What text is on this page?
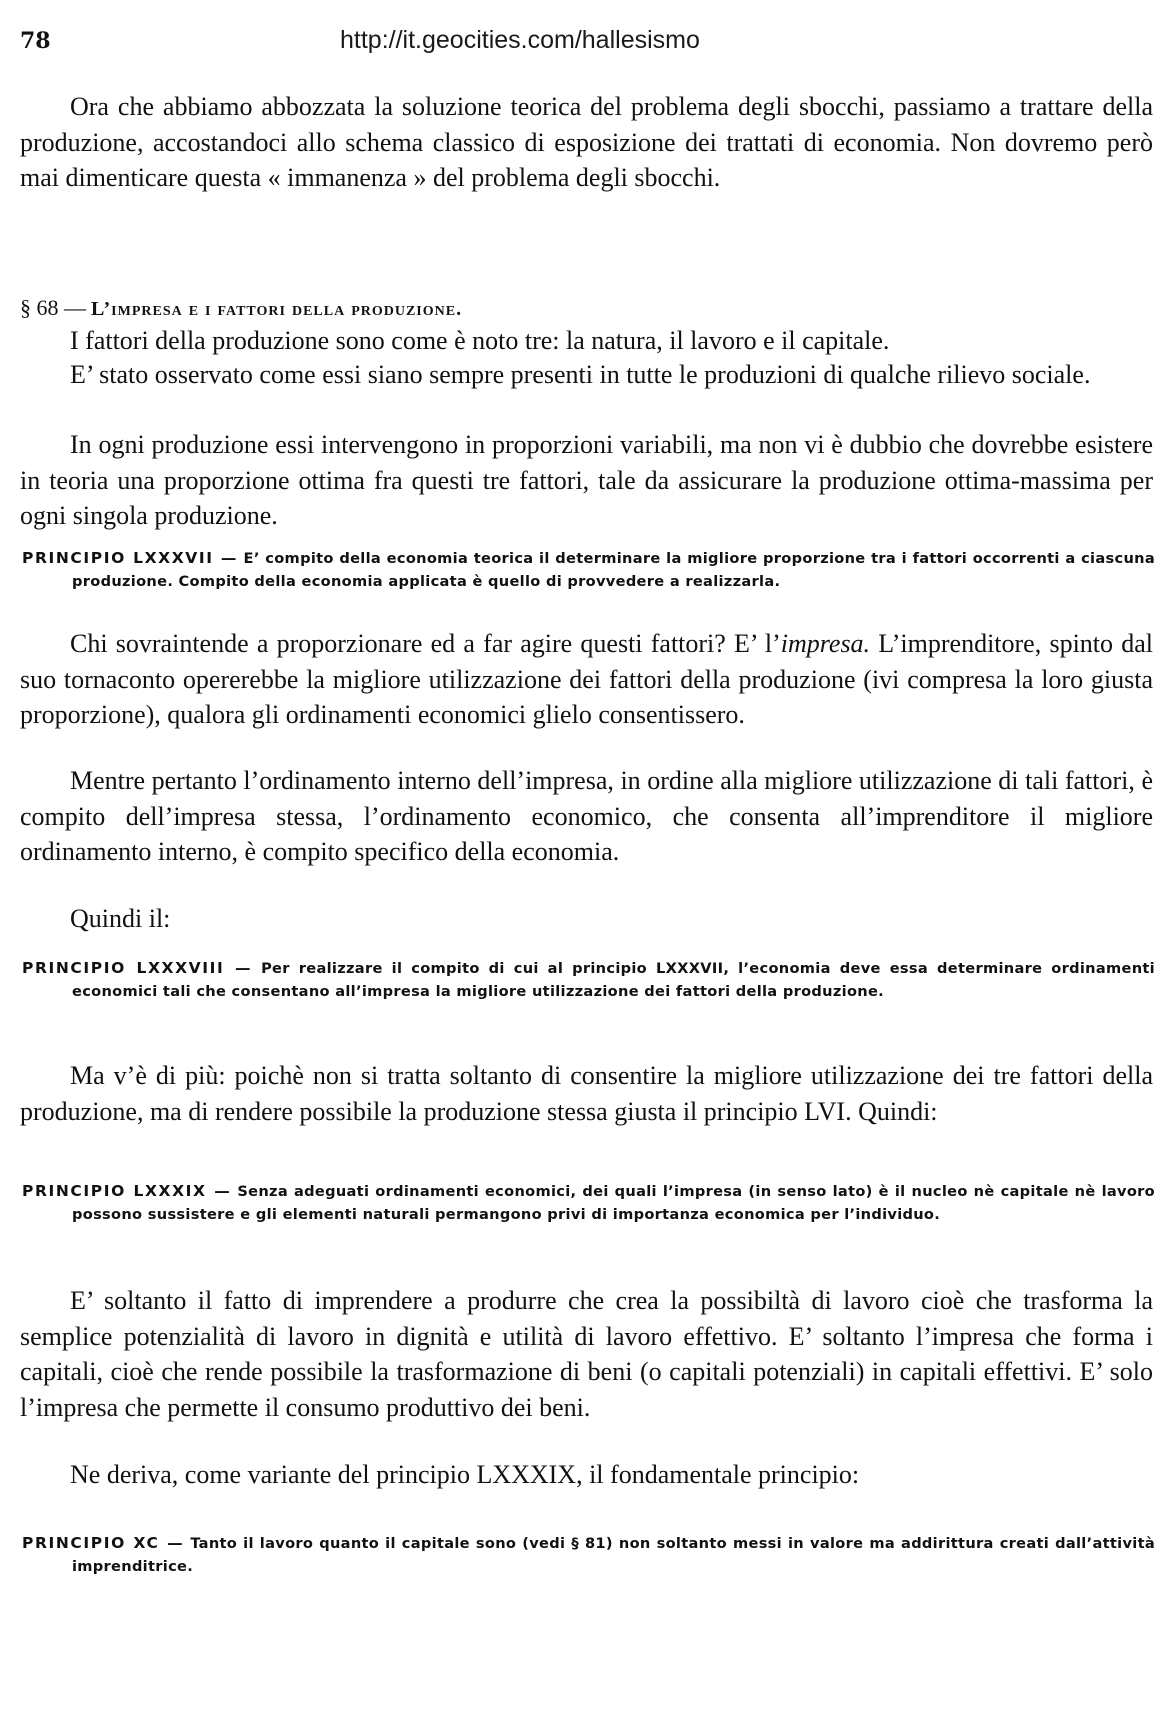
78	http://it.geocities.com/hallesismo

Ora che abbiamo abbozzata la soluzione teorica del problema degli sbocchi, passiamo a trattare della produzione, accostandoci allo schema classico di esposizione dei trattati di economia. Non dovremo però mai dimenticare questa « immanenza » del problema degli sbocchi.

§ 68 — L’impresa e i fattori della produzione.

I fattori della produzione sono come è noto tre: la natura, il lavoro e il capitale.

E’ stato osservato come essi siano sempre presenti in tutte le produzioni di qualche rilievo sociale.

In ogni produzione essi intervengono in proporzioni variabili, ma non vi è dubbio che dovrebbe esistere in teoria una proporzione ottima fra questi tre fattori, tale da assicurare la produzione ottima-massima per ogni singola produzione.

PRINCIPIO LXXXVII — E’ compito della economia teorica il determinare la migliore proporzione tra i fattori occorrenti a ciascuna produzione. Compito della economia applicata è quello di provvedere a realizzarla.

Chi sovraintende a proporzionare ed a far agire questi fattori? E’ l’impresa. L’imprenditore, spinto dal suo tornaconto opererebbe la migliore utilizzazione dei fattori della produzione (ivi compresa la loro giusta proporzione), qualora gli ordinamenti economici glielo consentissero.

Mentre pertanto l’ordinamento interno dell’impresa, in ordine alla migliore utilizzazione di tali fattori, è compito dell’impresa stessa, l’ordinamento economico, che consenta all’imprenditore il migliore ordinamento interno, è compito specifico della economia.

Quindi il:

PRINCIPIO LXXXVIII — Per realizzare il compito di cui al principio LXXXVII, l’economia deve essa determinare ordinamenti economici tali che consentano all’impresa la migliore utilizzazione dei fattori della produzione.

Ma v’è di più: poichè non si tratta soltanto di consentire la migliore utilizzazione dei tre fattori della produzione, ma di rendere possibile la produzione stessa giusta il principio LVI. Quindi:

PRINCIPIO LXXXIX — Senza adeguati ordinamenti economici, dei quali l’impresa (in senso lato) è il nucleo nè capitale nè lavoro possono sussistere e gli elementi naturali permangono privi di importanza economica per l’individuo.

E’ soltanto il fatto di imprendere a produrre che crea la possibiltà di lavoro cioè che trasforma la semplice potenzialità di lavoro in dignità e utilità di lavoro effettivo. E’ soltanto l’impresa che forma i capitali, cioè che rende possibile la trasformazione di beni (o capitali potenziali) in capitali effettivi. E’ solo l’impresa che permette il consumo produttivo dei beni.

Ne deriva, come variante del principio LXXXIX, il fondamentale principio:

PRINCIPIO XC — Tanto il lavoro quanto il capitale sono (vedi § 81) non soltanto messi in valore ma addirittura creati dall’attività imprenditrice.
